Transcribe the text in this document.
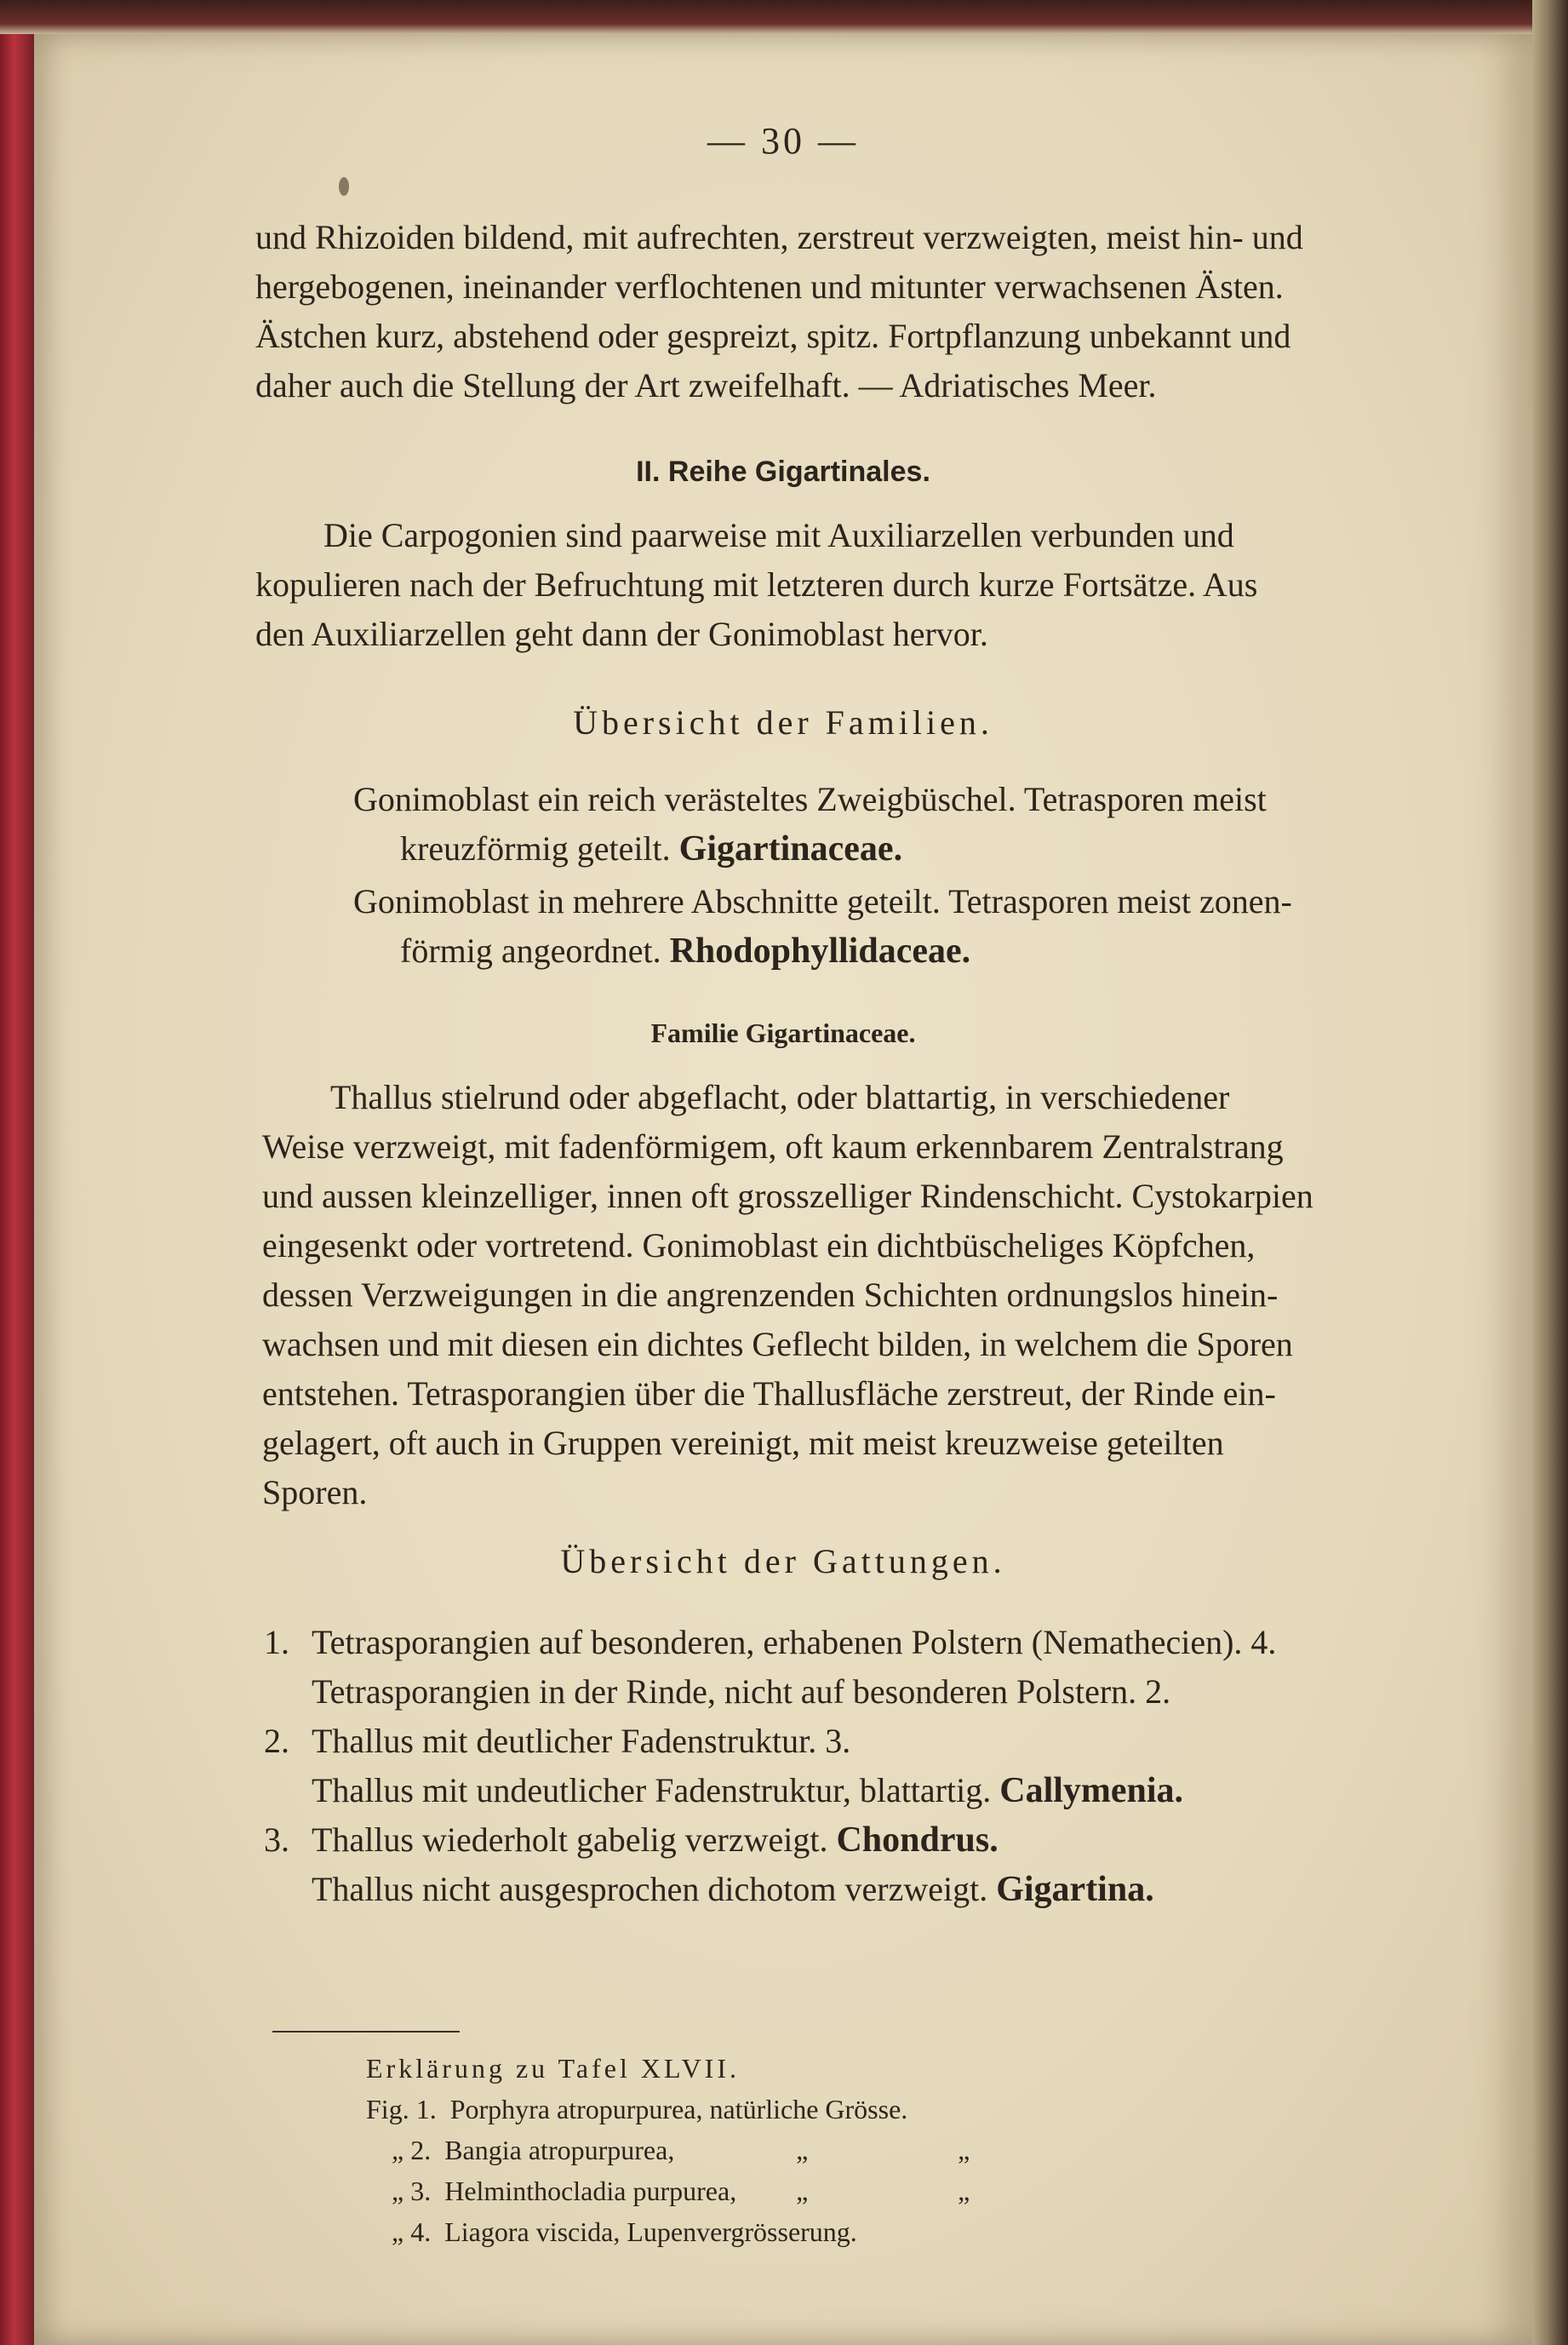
— 30 —

und Rhizoiden bildend, mit aufrechten, zerstreut verzweigten, meist hin- und

hergebogenen, ineinander verflochtenen und mitunter verwachsenen Ästen.

Ästchen kurz, abstehend oder gespreizt, spitz. Fortpflanzung unbekannt und

daher auch die Stellung der Art zweifelhaft. — Adriatisches Meer.

II. Reihe Gigartinales.

Die Carpogonien sind paarweise mit Auxiliarzellen verbunden und

kopulieren nach der Befruchtung mit letzteren durch kurze Fortsätze. Aus

den Auxiliarzellen geht dann der Gonimoblast hervor.

Übersicht der Familien.
Gonimoblast ein reich verästeltes Zweigbüschel. Tetrasporen meist
kreuzförmig geteilt. Gigartinaceae.
Gonimoblast in mehrere Abschnitte geteilt. Tetrasporen meist zonen-
förmig angeordnet. Rhodophyllidaceae.
Familie Gigartinaceae.

Thallus stielrund oder abgeflacht, oder blattartig, in verschiedener

Weise verzweigt, mit fadenförmigem, oft kaum erkennbarem Zentralstrang

und aussen kleinzelliger, innen oft grosszelliger Rindenschicht. Cystokarpien

eingesenkt oder vortretend. Gonimoblast ein dichtbüscheliges Köpfchen,

dessen Verzweigungen in die angrenzenden Schichten ordnungslos hinein-

wachsen und mit diesen ein dichtes Geflecht bilden, in welchem die Sporen

entstehen. Tetrasporangien über die Thallusfläche zerstreut, der Rinde ein-

gelagert, oft auch in Gruppen vereinigt, mit meist kreuzweise geteilten

Sporen.

Übersicht der Gattungen.
1. Tetrasporangien auf besonderen, erhabenen Polstern (Nemathecien). 4.
Tetrasporangien in der Rinde, nicht auf besonderen Polstern. 2.
2. Thallus mit deutlicher Fadenstruktur. 3.
Thallus mit undeutlicher Fadenstruktur, blattartig. Callymenia.
3. Thallus wiederholt gabelig verzweigt. Chondrus.
Thallus nicht ausgesprochen dichotom verzweigt. Gigartina.
Erklärung zu Tafel XLVII.
Fig. 1. Porphyra atropurpurea, natürliche Grösse.
„ 2. Bangia atropurpurea,	„	„
„ 3. Helminthocladia purpurea, „	„
„ 4. Liagora viscida, Lupenvergrösserung.
